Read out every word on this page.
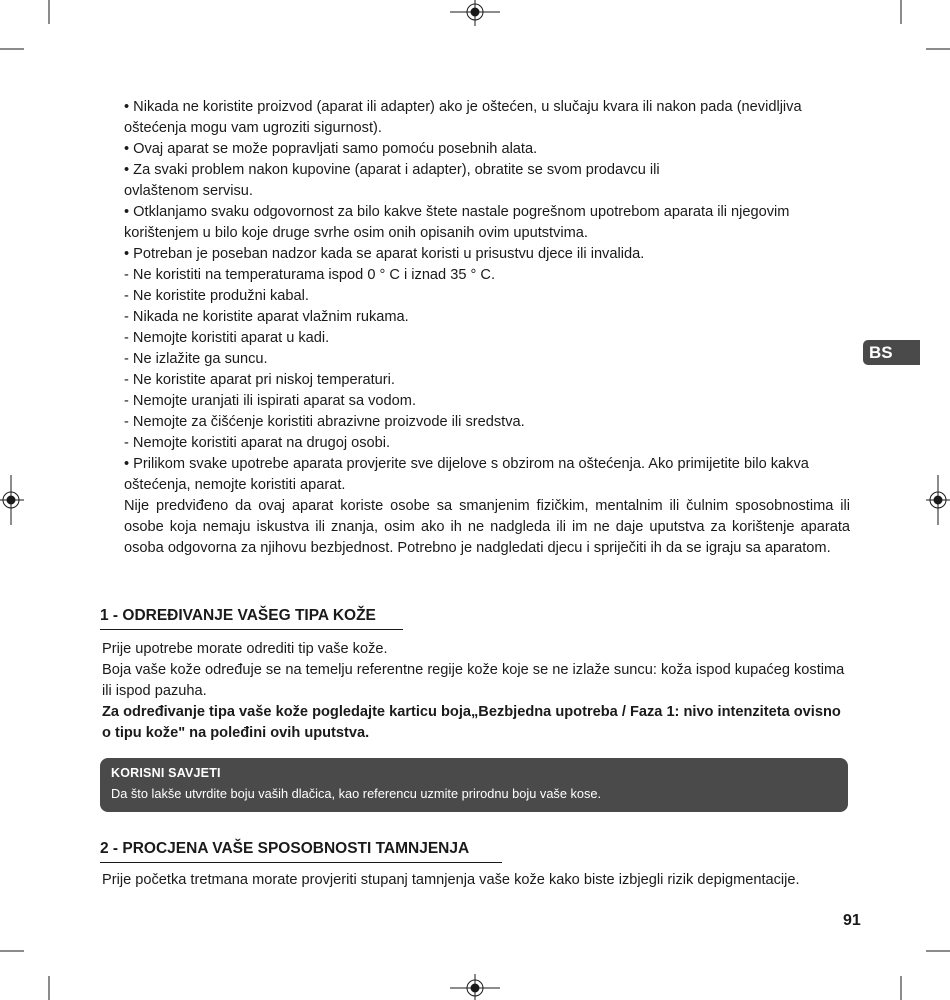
• Nikada ne koristite proizvod (aparat ili adapter) ako je oštećen, u slučaju kvara ili nakon pada (nevidljiva oštećenja mogu vam ugroziti sigurnost).

• Ovaj aparat se može popravljati samo pomoću posebnih alata.

• Za svaki problem nakon kupovine (aparat i adapter), obratite se svom prodavcu ili ovlaštenom servisu.

• Otklanjamo svaku odgovornost za bilo kakve štete nastale pogrešnom upotrebom aparata ili njegovim korištenjem u bilo koje druge svrhe osim onih opisanih ovim uputstvima.

• Potreban je poseban nadzor kada se aparat koristi u prisustvu djece ili invalida.

- Ne koristiti na temperaturama ispod 0 ° C i iznad 35 ° C.

- Ne koristite produžni kabal.

- Nikada ne koristite aparat vlažnim rukama.

- Nemojte koristiti aparat u kadi.

- Ne izlažite ga suncu.

- Ne koristite aparat pri niskoj temperaturi.

- Nemojte uranjati ili ispirati aparat sa vodom.

- Nemojte za čišćenje koristiti abrazivne proizvode ili sredstva.

- Nemojte koristiti aparat na drugoj osobi.

• Prilikom svake upotrebe aparata provjerite sve dijelove s obzirom na oštećenja. Ako primijetite bilo kakva oštećenja, nemojte koristiti aparat.

Nije predviđeno da ovaj aparat koriste osobe sa smanjenim fizičkim, mentalnim ili čulnim sposobnostima ili osobe koja nemaju iskustva ili znanja, osim ako ih ne nadgleda ili im ne daje uputstva za korištenje aparata osoba odgovorna za njihovu bezbjednost. Potrebno je nadgledati djecu i spriječiti ih da se igraju sa aparatom.

1 - ODREĐIVANJE VAŠEG TIPA KOŽE

Prije upotrebe morate odrediti tip vaše kože.

Boja vaše kože određuje se na temelju referentne regije kože koje se ne izlaže suncu: koža ispod kupaćeg kostima ili ispod pazuha.

Za određivanje tipa vaše kože pogledajte karticu boja„Bezbjedna upotreba / Faza 1: nivo intenziteta ovisno o tipu kože" na poleđini ovih uputstva.

KORISNI SAVJETI
Da što lakše utvrdite boju vaših dlačica, kao referencu uzmite prirodnu boju vaše kose.
2 - PROCJENA VAŠE SPOSOBNOSTI TAMNJENJA

Prije početka tretmana morate provjeriti stupanj tamnjenja vaše kože kako biste izbjegli rizik depigmentacije.

BS
91
